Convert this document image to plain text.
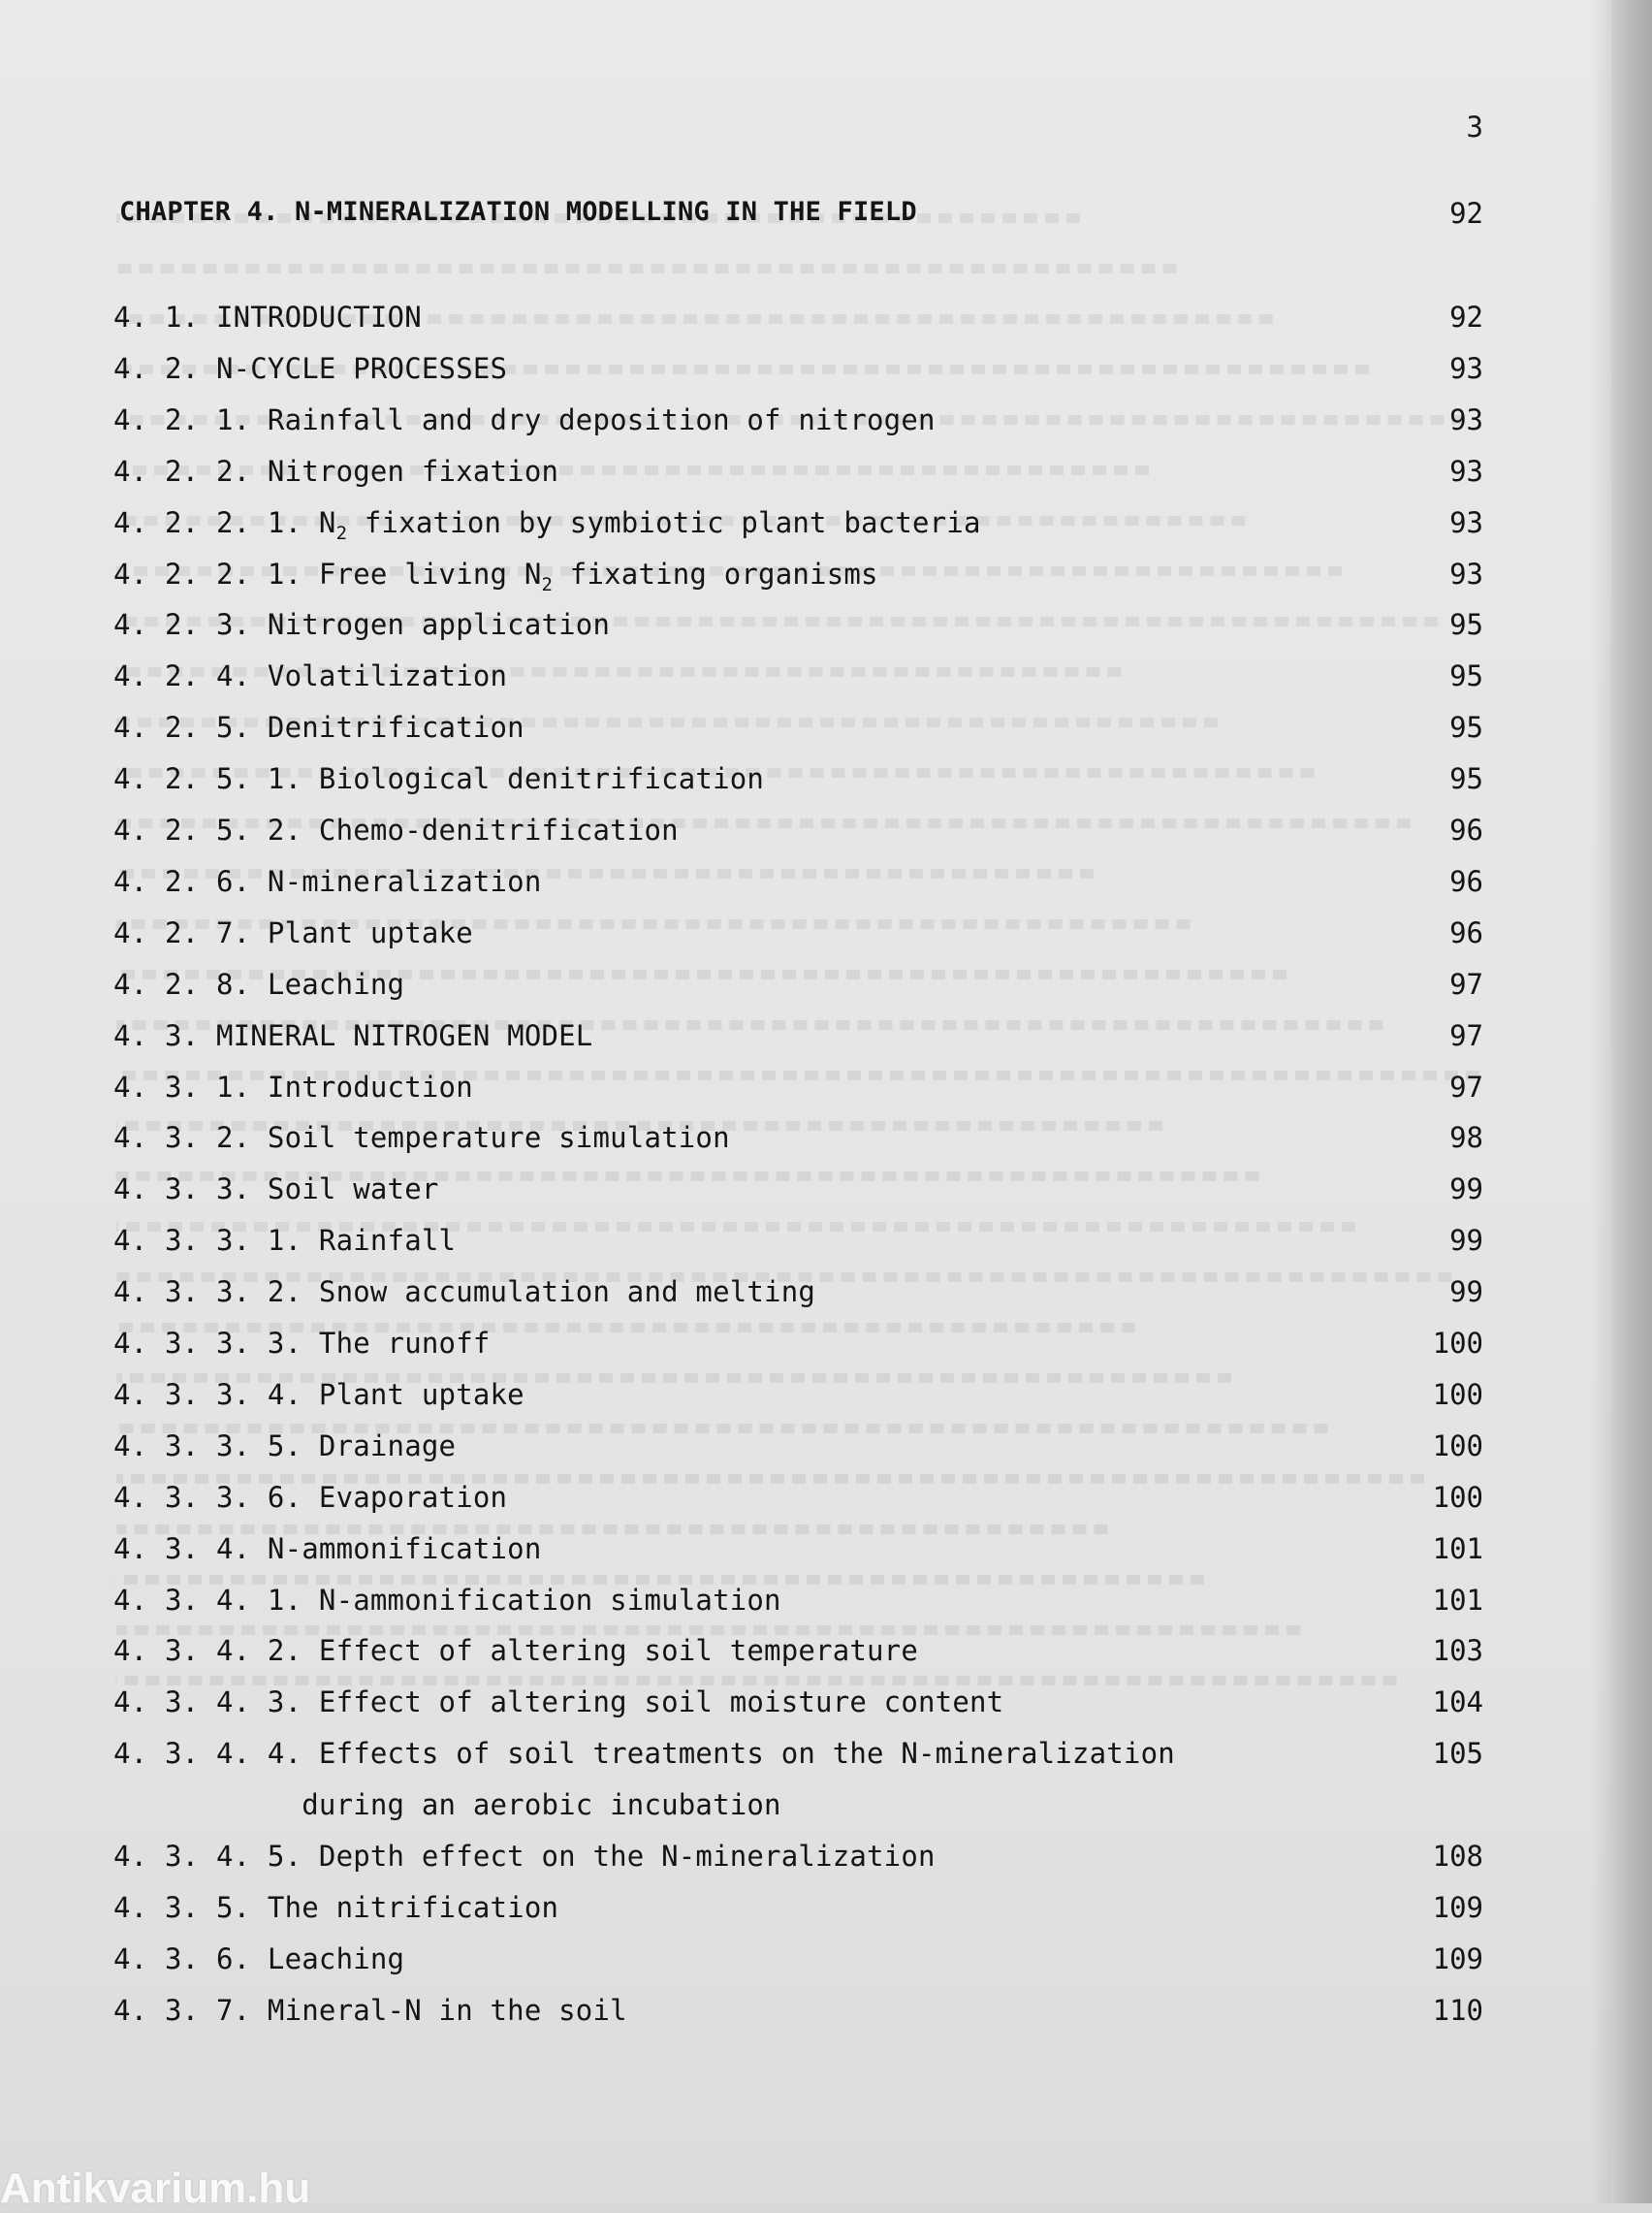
3
CHAPTER 4. N-MINERALIZATION MODELLING IN THE FIELD	92
4. 1. INTRODUCTION	92
4. 2. N-CYCLE PROCESSES	93
4. 2. 1. Rainfall and dry deposition of nitrogen	93
4. 2. 2. Nitrogen fixation	93
4. 2. 2. 1. $N_2$ fixation by symbiotic plant bacteria	93
4. 2. 2. 1. Free living $N_2$ fixating organisms	93
4. 2. 3. Nitrogen application	95
4. 2. 4. Volatilization	95
4. 2. 5. Denitrification	95
4. 2. 5. 1. Biological denitrification	95
4. 2. 5. 2. Chemo-denitrification	96
4. 2. 6. N-mineralization	96
4. 2. 7. Plant uptake	96
4. 2. 8. Leaching	97
4. 3. MINERAL NITROGEN MODEL	97
4. 3. 1. Introduction	97
4. 3. 2. Soil temperature simulation	98
4. 3. 3. Soil water	99
4. 3. 3. 1. Rainfall	99
4. 3. 3. 2. Snow accumulation and melting	99
4. 3. 3. 3. The runoff	100
4. 3. 3. 4. Plant uptake	100
4. 3. 3. 5. Drainage	100
4. 3. 3. 6. Evaporation	100
4. 3. 4. N-ammonification	101
4. 3. 4. 1. N-ammonification simulation	101
4. 3. 4. 2. Effect of altering soil temperature	103
4. 3. 4. 3. Effect of altering soil moisture content	104
4. 3. 4. 4. Effects of soil treatments on the N-mineralization	105
during an aerobic incubation
4. 3. 4. 5. Depth effect on the N-mineralization	108
4. 3. 5. The nitrification	109
4. 3. 6. Leaching	109
4. 3. 7. Mineral-N in the soil	110
Antikvarium.hu
